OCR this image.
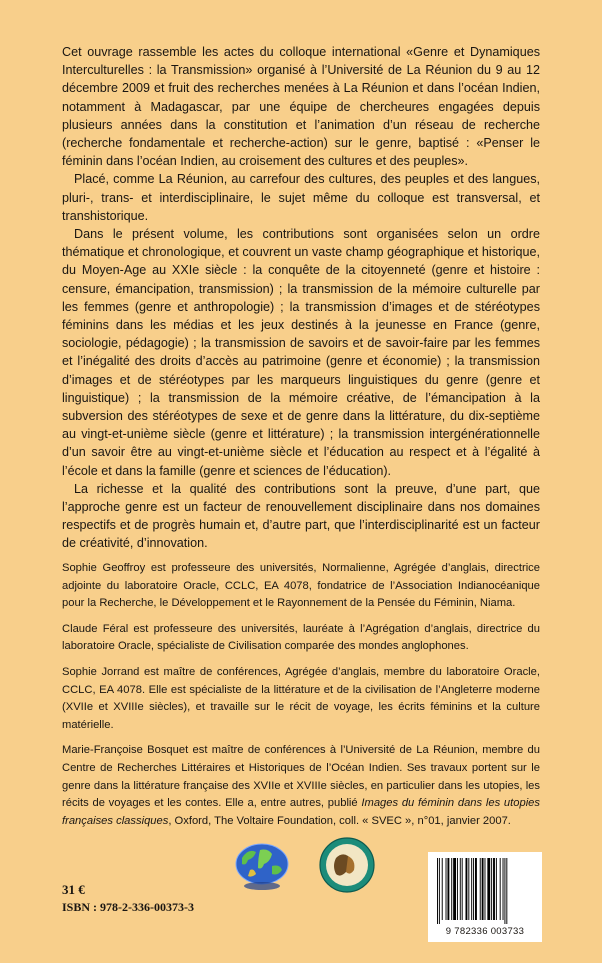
Cet ouvrage rassemble les actes du colloque international «Genre et Dynamiques Interculturelles : la Transmission» organisé à l’Université de La Réunion du 9 au 12 décembre 2009 et fruit des recherches menées à La Réunion et dans l’océan Indien, notamment à Madagascar, par une équipe de chercheures engagées depuis plusieurs années dans la constitution et l’animation d’un réseau de recherche (recherche fondamentale et recherche-action) sur le genre, baptisé : «Penser le féminin dans l’océan Indien, au croisement des cultures et des peuples».

Placé, comme La Réunion, au carrefour des cultures, des peuples et des langues, pluri-, trans- et interdisciplinaire, le sujet même du colloque est transversal, et transhistorique.

Dans le présent volume, les contributions sont organisées selon un ordre thématique et chronologique, et couvrent un vaste champ géographique et historique, du Moyen-Age au XXIe siècle : la conquête de la citoyenneté (genre et histoire : censure, émancipation, transmission) ; la transmission de la mémoire culturelle par les femmes (genre et anthropologie) ; la transmission d’images et de stéréotypes féminins dans les médias et les jeux destinés à la jeunesse en France (genre, sociologie, pédagogie) ; la transmission de savoirs et de savoir-faire par les femmes et l’inégalité des droits d’accès au patrimoine (genre et économie) ; la transmission d’images et de stéréotypes par les marqueurs linguistiques du genre (genre et linguistique) ; la transmission de la mémoire créative, de l’émancipation à la subversion des stéréotypes de sexe et de genre dans la littérature, du dix-septième au vingt-et-unième siècle (genre et littérature) ; la transmission intergénérationnelle d’un savoir être au vingt-et-unième siècle et l’éducation au respect et à l’égalité à l’école et dans la famille (genre et sciences de l’éducation).

La richesse et la qualité des contributions sont la preuve, d’une part, que l’approche genre est un facteur de renouvellement disciplinaire dans nos domaines respectifs et de progrès humain et, d’autre part, que l’interdisciplinarité est un facteur de créativité, d’innovation.

Sophie Geoffroy est professeure des universités, Normalienne, Agrégée d’anglais, directrice adjointe du laboratoire Oracle, CCLC, EA 4078, fondatrice de l’Association Indianocéanique pour la Recherche, le Développement et le Rayonnement de la Pensée du Féminin, Niama.

Claude Féral est professeure des universités, lauréate à l’Agrégation d’anglais, directrice du laboratoire Oracle, spécialiste de Civilisation comparée des mondes anglophones.

Sophie Jorrand est maître de conférences, Agrégée d’anglais, membre du laboratoire Oracle, CCLC, EA 4078. Elle est spécialiste de la littérature et de la civilisation de l’Angleterre moderne (XVIIe et XVIIIe siècles), et travaille sur le récit de voyage, les écrits féminins et la culture matérielle.

Marie-Françoise Bosquet est maître de conférences à l’Université de La Réunion, membre du Centre de Recherches Littéraires et Historiques de l’Océan Indien. Ses travaux portent sur le genre dans la littérature française des XVIIe et XVIIIe siècles, en particulier dans les utopies, les récits de voyages et les contes. Elle a, entre autres, publié Images du féminin dans les utopies françaises classiques, Oxford, The Voltaire Foundation, coll. « SVEC », n°01, janvier 2007.

31 €
ISBN : 978-2-336-00373-3
9 782336 003733
